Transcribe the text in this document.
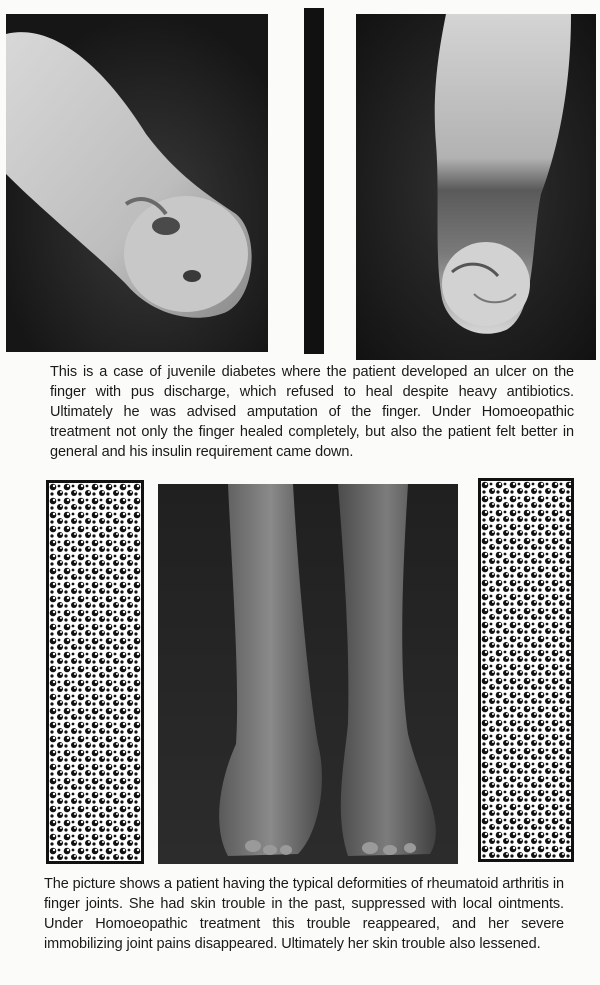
This is a case of juvenile diabetes where the patient developed an ulcer on the finger with pus discharge, which refused to heal despite heavy antibiotics. Ultimately he was advised amputation of the finger. Under Homoeopathic treatment not only the finger healed completely, but also the patient felt better in general and his insulin requirement came down.

The picture shows a patient having the typical deformities of rheumatoid arthritis in finger joints. She had skin trouble in the past, suppressed with local ointments. Under Homoeopathic treatment this trouble reappeared, and her severe immobilizing joint pains disappeared. Ultimately her skin trouble also lessened.
